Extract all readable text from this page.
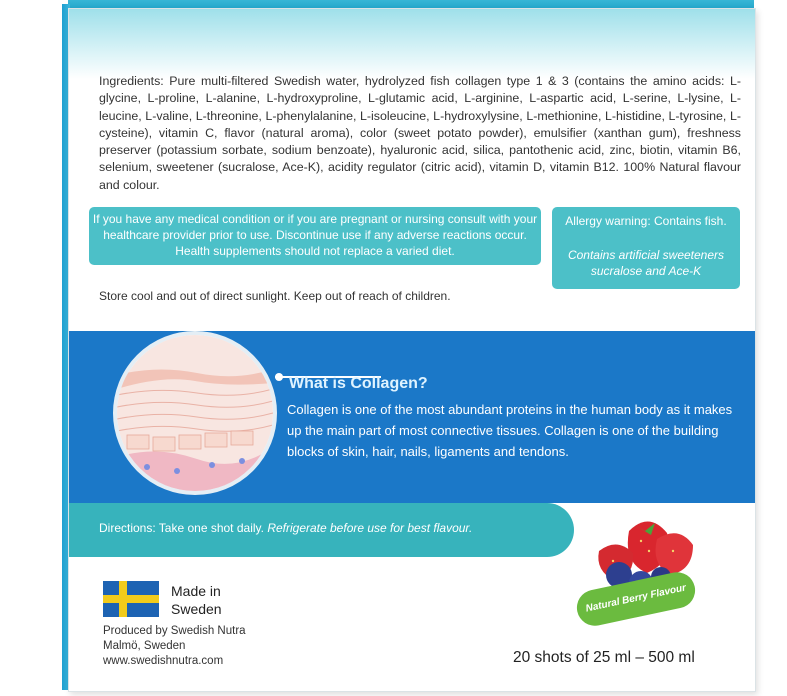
Ingredients: Pure multi-filtered Swedish water, hydrolyzed fish collagen type 1 & 3 (contains the amino acids: L-glycine, L-proline, L-alanine, L-hydroxyproline, L-glutamic acid, L-arginine, L-aspartic acid, L-serine, L-lysine, L-leucine, L-valine, L-threonine, L-phenylalanine, L-isoleucine, L-hydroxylysine, L-methionine, L-histidine, L-tyrosine, L-cysteine), vitamin C, flavor (natural aroma), color (sweet potato powder), emulsifier (xanthan gum), freshness preserver (potassium sorbate, sodium benzoate), hyaluronic acid, silica, pantothenic acid, zinc, biotin, vitamin B6, selenium, sweetener (sucralose, Ace-K), acidity regulator (citric acid), vitamin D, vitamin B12. 100% Natural flavour and colour.
If you have any medical condition or if you are pregnant or nursing consult with your healthcare provider prior to use. Discontinue use if any adverse reactions occur. Health supplements should not replace a varied diet.
Allergy warning: Contains fish.
Contains artificial sweeteners sucralose and Ace-K
Store cool and out of direct sunlight. Keep out of reach of children.
Directions: Take one shot daily. Refrigerate before use for best flavour.
What is Collagen?
Collagen is one of the most abundant proteins in the human body as it makes up the main part of most connective tissues. Collagen is one of the building blocks of skin, hair, nails, ligaments and tendons.
Made in
Sweden
Produced by Swedish Nutra
Malmö, Sweden
www.swedishnutra.com
Natural Berry Flavour
20 shots of 25 ml – 500 ml
